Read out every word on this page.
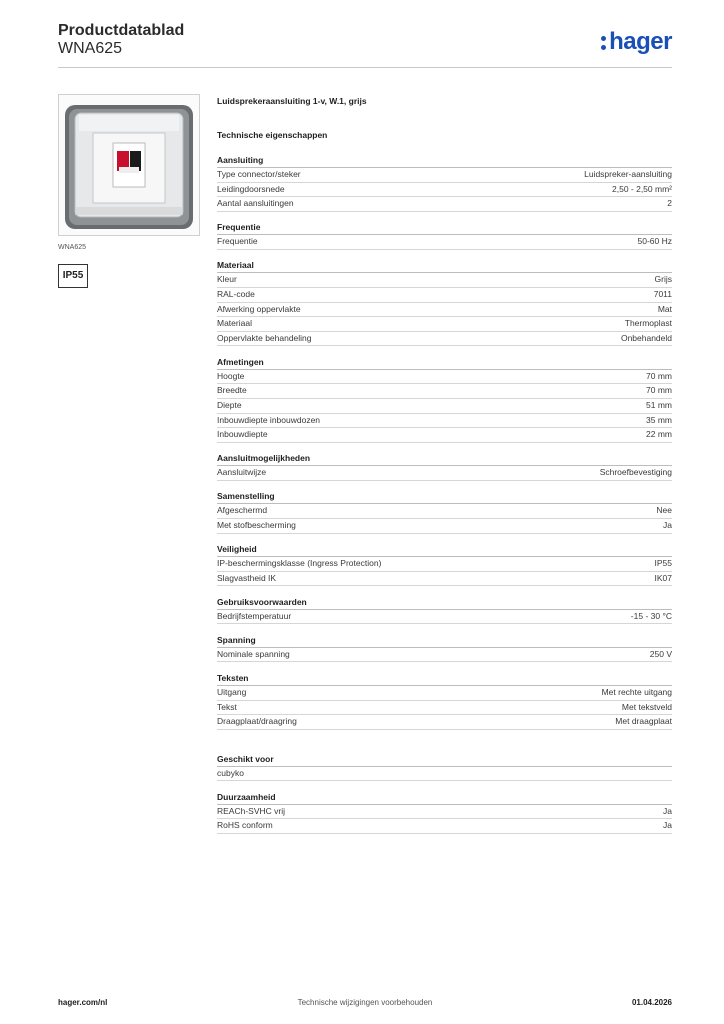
Productdatablad
WNA625	hager
WNA625
IP55
Luidsprekeraansluiting 1-v, W.1, grijs
Technische eigenschappen
Aansluiting
Type connector/steker	Luidspreker-aansluiting
Leidingdoorsnede	2,50 - 2,50 mm²
Aantal aansluitingen	2
Frequentie
Frequentie	50-60 Hz
Materiaal
Kleur	Grijs
RAL-code	7011
Afwerking oppervlakte	Mat
Materiaal	Thermoplast
Oppervlakte behandeling	Onbehandeld
Afmetingen
Hoogte	70 mm
Breedte	70 mm
Diepte	51 mm
Inbouwdiepte inbouwdozen	35 mm
Inbouwdiepte	22 mm
Aansluitmogelijkheden
Aansluitwijze	Schroefbevestiging
Samenstelling
Afgeschermd	Nee
Met stofbescherming	Ja
Veiligheid
IP-beschermingsklasse (Ingress Protection)	IP55
Slagvastheid IK	IK07
Gebruiksvoorwaarden
Bedrijfstemperatuur	-15 - 30 °C
Spanning
Nominale spanning	250 V
Teksten
Uitgang	Met rechte uitgang
Tekst	Met tekstveld
Draagplaat/draagring	Met draagplaat
Geschikt voor
cubyko
Duurzaamheid
REACh-SVHC vrij	Ja
RoHS conform	Ja
hager.com/nl	Technische wijzigingen voorbehouden	01.04.2026
